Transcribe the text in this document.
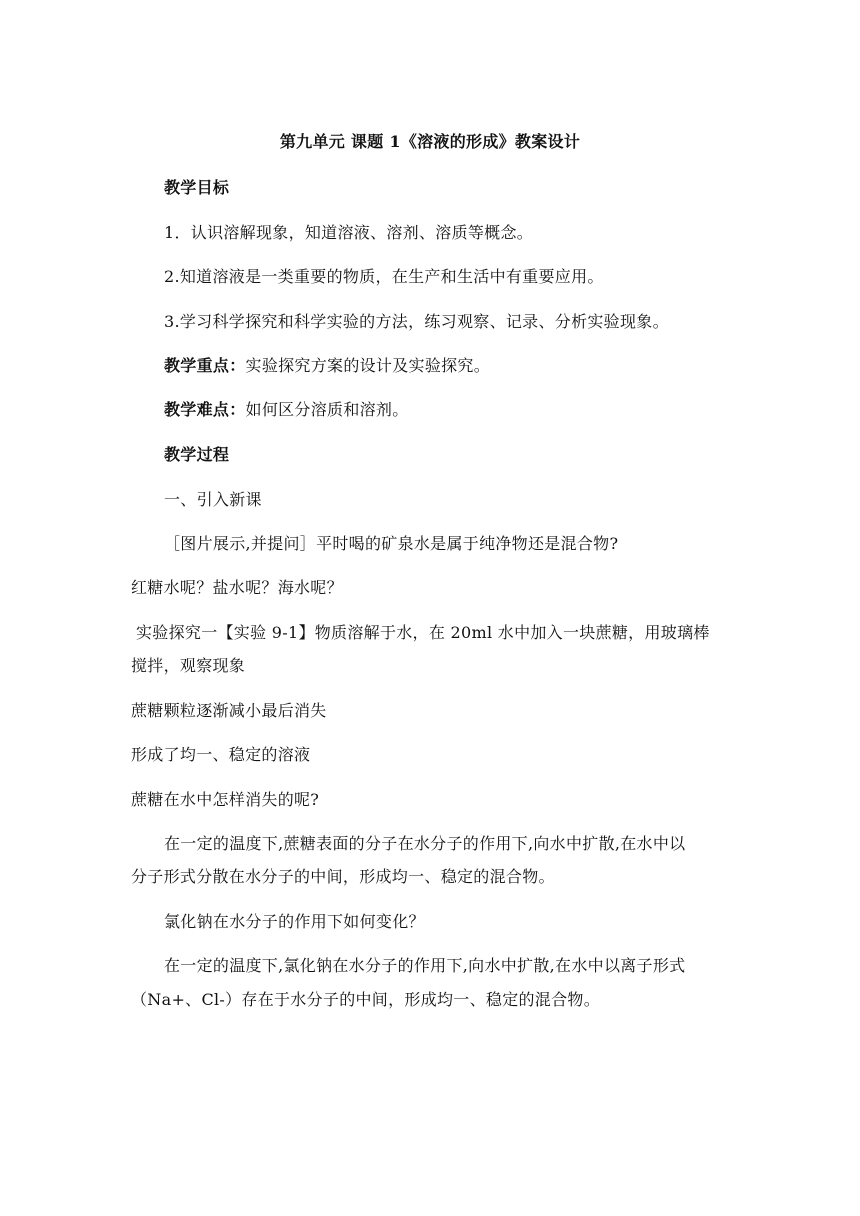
第九单元 课题 1《溶液的形成》教案设计
教学目标
1．认识溶解现象，知道溶液、溶剂、溶质等概念。
2.知道溶液是一类重要的物质，在生产和生活中有重要应用。
3.学习科学探究和科学实验的方法，练习观察、记录、分析实验现象。
教学重点：实验探究方案的设计及实验探究。
教学难点：如何区分溶质和溶剂。
教学过程
一、引入新课
［图片展示,并提问］平时喝的矿泉水是属于纯净物还是混合物?
红糖水呢？盐水呢？海水呢？
实验探究一【实验 9-1】物质溶解于水，在 20ml 水中加入一块蔗糖，用玻璃棒
搅拌，观察现象
蔗糖颗粒逐渐减小最后消失
形成了均一、稳定的溶液
蔗糖在水中怎样消失的呢?
在一定的温度下,蔗糖表面的分子在水分子的作用下,向水中扩散,在水中以
分子形式分散在水分子的中间，形成均一、稳定的混合物。
氯化钠在水分子的作用下如何变化？
在一定的温度下,氯化钠在水分子的作用下,向水中扩散,在水中以离子形式
（Na+、Cl-）存在于水分子的中间，形成均一、稳定的混合物。
